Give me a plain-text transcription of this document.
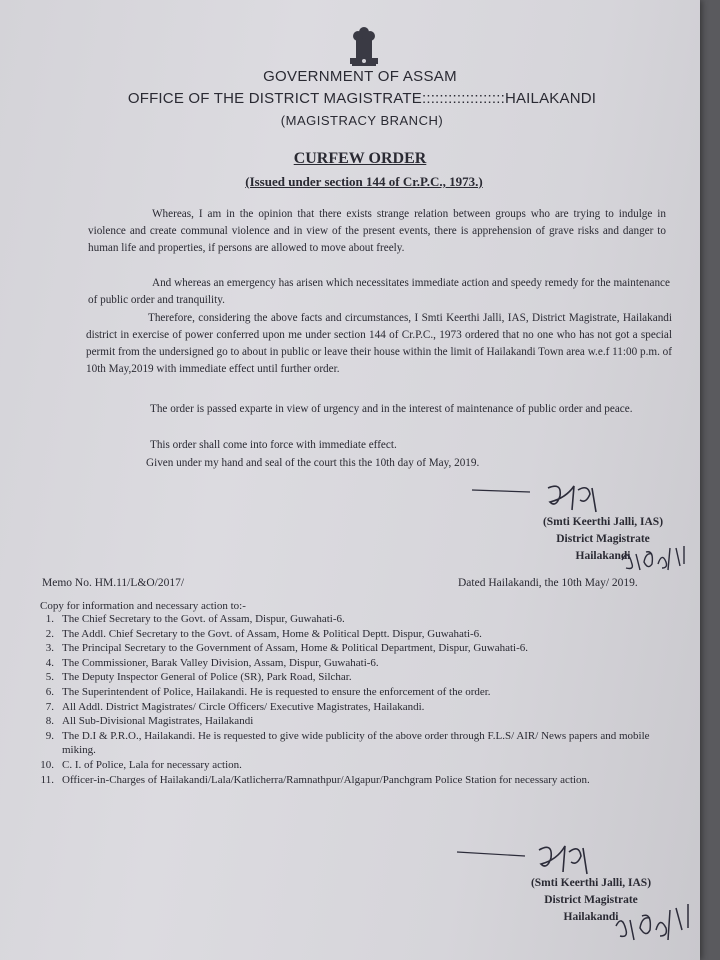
GOVERNMENT OF ASSAM
OFFICE OF THE DISTRICT MAGISTRATE:::::::::::::::::::HAILAKANDI
(MAGISTRACY BRANCH)
CURFEW ORDER
(Issued under section 144 of Cr.P.C., 1973.)
Whereas, I am in the opinion that there exists strange relation between groups who are trying to indulge in violence and create communal violence and in view of the present events, there is apprehension of grave risks and danger to human life and properties, if persons are allowed to move about freely.
And whereas an emergency has arisen which necessitates immediate action and speedy remedy for the maintenance of public order and tranquility.
Therefore, considering the above facts and circumstances, I Smti Keerthi Jalli, IAS, District Magistrate, Hailakandi district in exercise of power conferred upon me under section 144 of Cr.P.C., 1973 ordered that no one who has not got a special permit from the undersigned go to about in public or leave their house within the limit of Hailakandi Town area w.e.f 11:00 p.m. of 10th May,2019 with immediate effect until further order.
The order is passed exparte in view of urgency and in the interest of maintenance of public order and peace.
This order shall come into force with immediate effect.
Given under my hand and seal of the court this the 10th day of May, 2019.
(Smti Keerthi Jalli, IAS)
District Magistrate
Hailakandi
Memo No. HM.11/L&O/2017/	Dated Hailakandi, the 10th May/ 2019.
Copy for information and necessary action to:-
1. The Chief Secretary to the Govt. of Assam, Dispur, Guwahati-6.
2. The Addl. Chief Secretary to the Govt. of Assam, Home & Political Deptt. Dispur, Guwahati-6.
3. The Principal Secretary to the Government of Assam, Home & Political Department, Dispur, Guwahati-6.
4. The Commissioner, Barak Valley Division, Assam, Dispur, Guwahati-6.
5. The Deputy Inspector General of Police (SR), Park Road, Silchar.
6. The Superintendent of Police, Hailakandi. He is requested to ensure the enforcement of the order.
7. All Addl. District Magistrates/ Circle Officers/ Executive Magistrates, Hailakandi.
8. All Sub-Divisional Magistrates, Hailakandi
9. The D.I & P.R.O., Hailakandi. He is requested to give wide publicity of the above order through F.L.S/ AIR/ News papers and mobile miking.
10. C. I. of Police, Lala for necessary action.
11. Officer-in-Charges of Hailakandi/Lala/Katlicherra/Ramnathpur/Algapur/Panchgram Police Station for necessary action.
(Smti Keerthi Jalli, IAS)
District Magistrate
Hailakandi
